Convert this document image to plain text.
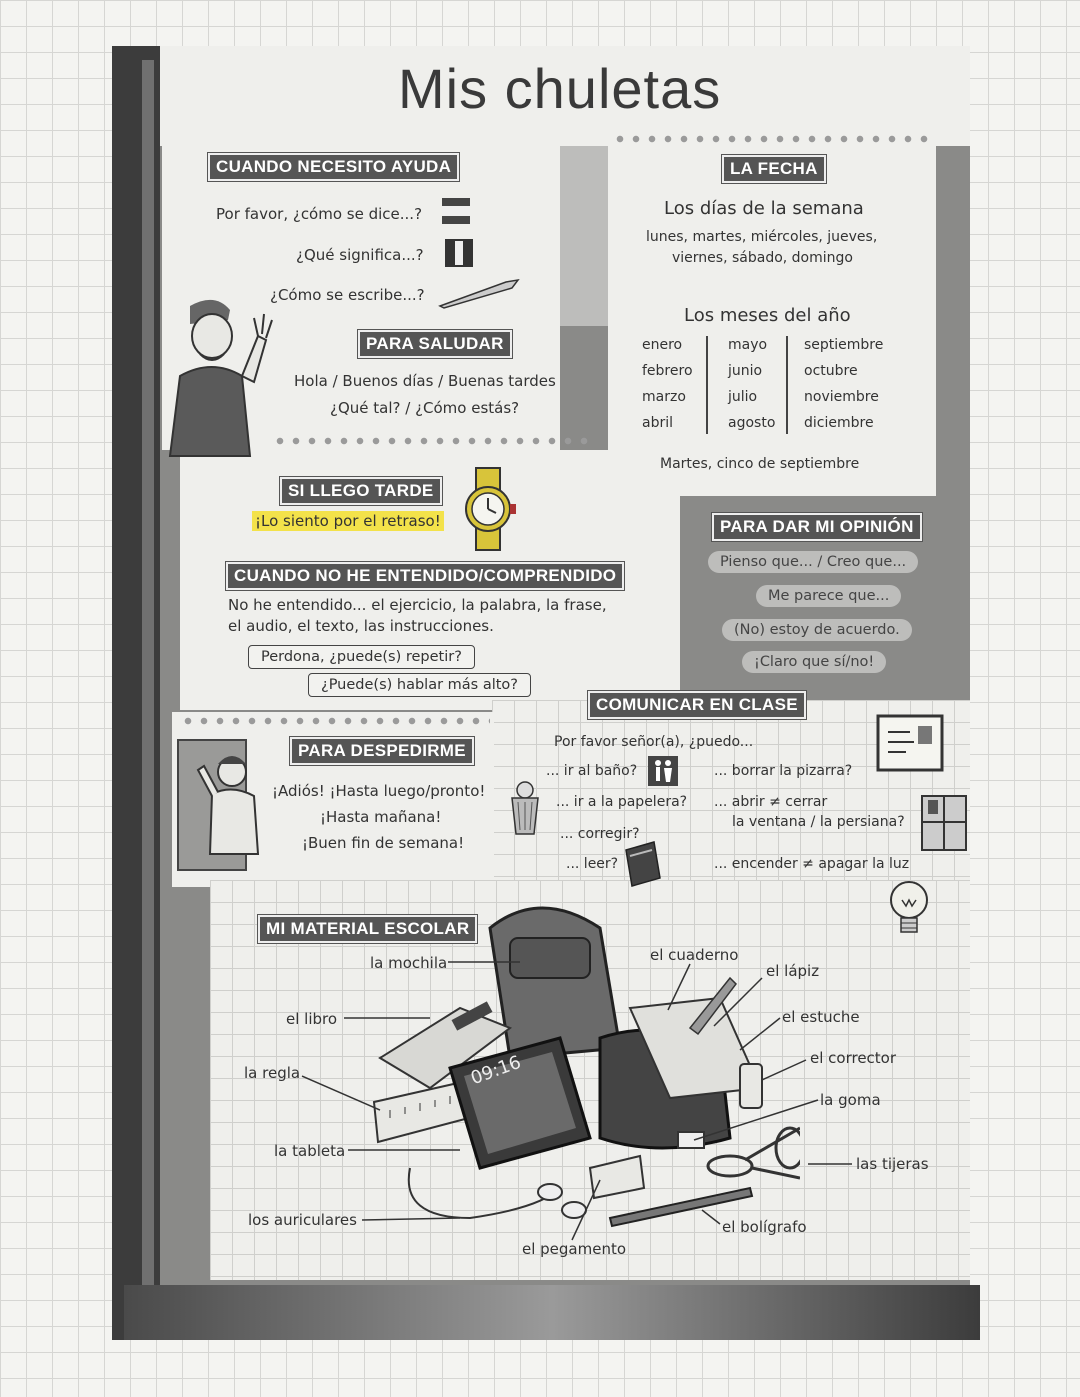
Mis chuletas
CUANDO NECESITO AYUDA
Por favor, ¿cómo se dice...?
¿Qué significa...?
¿Cómo se escribe...?
PARA SALUDAR
Hola / Buenos días / Buenas tardes
¿Qué tal? / ¿Cómo estás?
LA FECHA
Los días de la semana
lunes, martes, miércoles, jueves,
viernes, sábado, domingo
Los meses del año
enero
febrero
marzo
abril
mayo
junio
julio
agosto
septiembre
octubre
noviembre
diciembre
Martes, cinco de septiembre
SI LLEGO TARDE
¡Lo siento por el retraso!	PARA DAR MI OPINIÓN
Pienso que... / Creo que...
Me parece que...
(No) estoy de acuerdo.
¡Claro que sí/no!
CUANDO NO HE ENTENDIDO/COMPRENDIDO
No he entendido... el ejercicio, la palabra, la frase,
el audio, el texto, las instrucciones.
Perdona, ¿puede(s) repetir?
¿Puede(s) hablar más alto?
COMUNICAR EN CLASE
Por favor señor(a), ¿puedo...
... ir al baño?
... ir a la papelera?
... corregir?
... leer?
... borrar la pizarra?
... abrir ≠ cerrar
la ventana / la persiana?
... encender ≠ apagar la luz
PARA DESPEDIRME
¡Adiós! ¡Hasta luego/pronto!
¡Hasta mañana!
¡Buen fin de semana!
MI MATERIAL ESCOLAR
09:16
la mochila
el libro
la regla
la tableta
los auriculares
el pegamento
el cuaderno
el lápiz
el estuche
el corrector
la goma
las tijeras
el bolígrafo
